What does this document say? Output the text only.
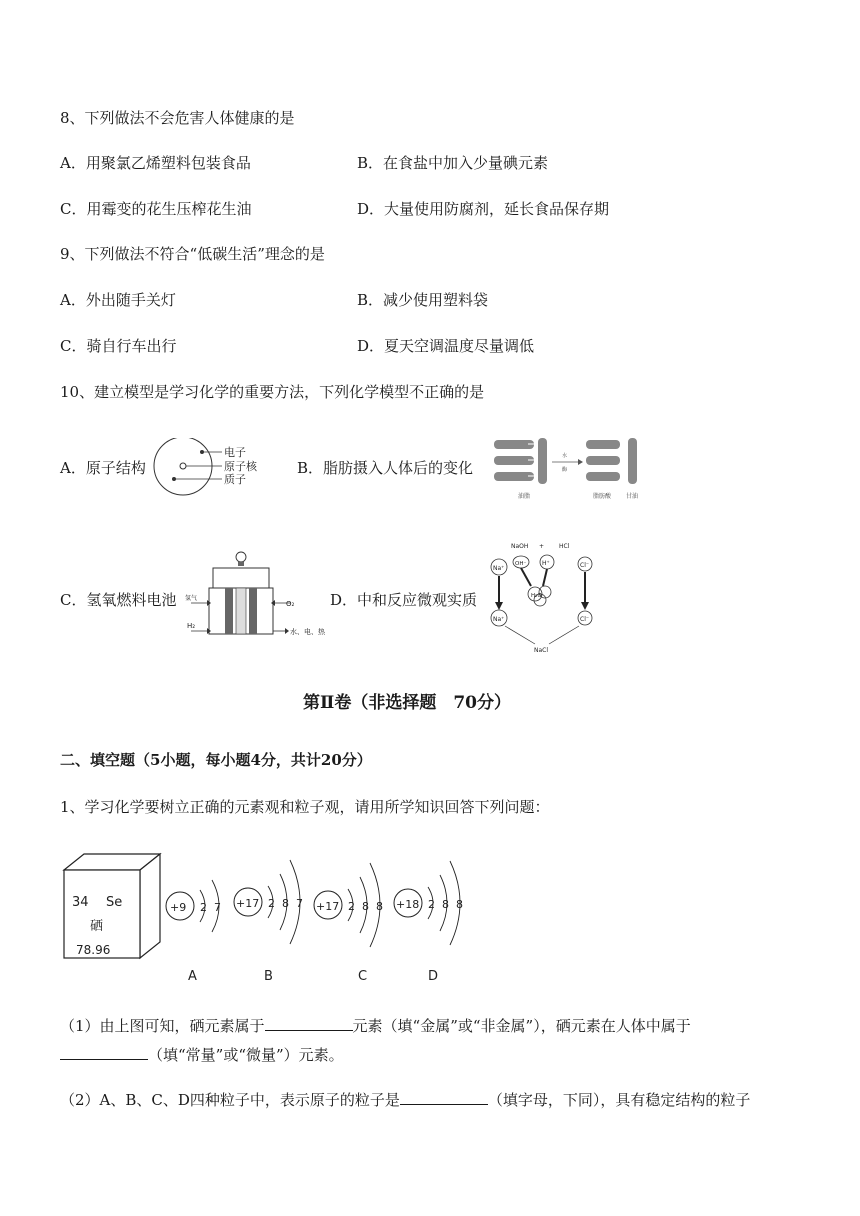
8、下列做法不会危害人体健康的是
A．用聚氯乙烯塑料包装食品	B．在食盐中加入少量碘元素
C．用霉变的花生压榨花生油	D．大量使用防腐剂，延长食品保存期
9、下列做法不符合“低碳生活”理念的是
A．外出随手关灯	B．减少使用塑料袋
C．骑自行车出行	D．夏天空调温度尽量调低
10、建立模型是学习化学的重要方法，下列化学模型不正确的是
A．原子结构
电子
原子核
质子
B．脂肪摄入人体后的变化
油脂
水
酶
脂肪酸 甘油
C．氢氧燃料电池 氢气
O₂
H₂
水、电、热
D．中和反应微观实质
NaOH + HCl
Na⁺
OH⁻	H⁺	Cl⁻
H₂O
Na⁺	Cl⁻
NaCl
第Ⅱ卷（非选择题　70分）
二、填空题（5小题，每小题4分，共计20分）
1、学习化学要树立正确的元素观和粒子观，请用所学知识回答下列问题：
34 Se
硒
78.96
+9 2 7
A
+17 2 8 7
B
+17 2 8 8
C
+18 2 8 8
D
（1）由上图可知，硒元素属于	元素（填“金属”或“非金属”），硒元素在人体中属于
（填“常量”或“微量”）元素。
（2）A、B、C、D四种粒子中，表示原子的粒子是	（填字母，下同），具有稳定结构的粒子
